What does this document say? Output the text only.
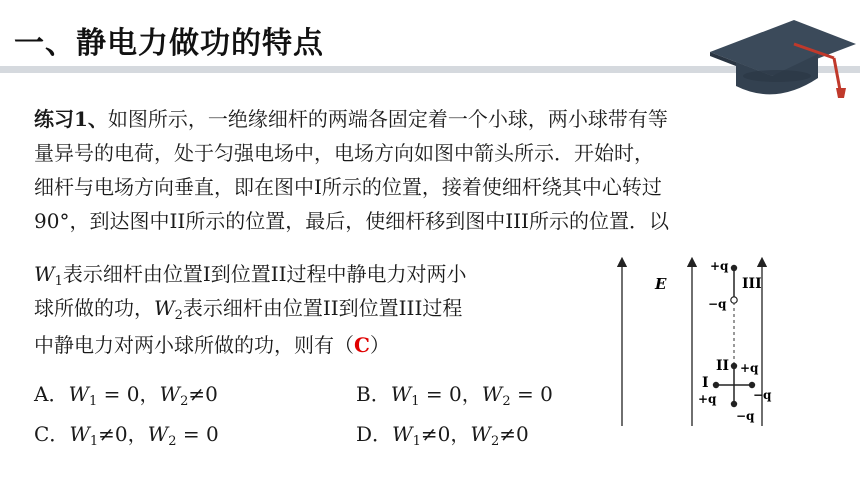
一、静电力做功的特点
练习1、如图所示，一绝缘细杆的两端各固定着一个小球，两小球带有等
量异号的电荷，处于匀强电场中，电场方向如图中箭头所示．开始时，
细杆与电场方向垂直，即在图中I所示的位置，接着使细杆绕其中心转过
90°，到达图中II所示的位置，最后，使细杆移到图中III所示的位置．以
$W_1$表示细杆由位置I到位置II过程中静电力对两小
球所做的功，$W_2$表示细杆由位置II到位置III过程
中静电力对两小球所做的功，则有（C）
A．$W_1 = 0$，$W_2\ne 0$	B．$W_1 = 0$，$W_2 = 0$
C．$W_1\ne 0$，$W_2 = 0$	D．$W_1\ne 0$，$W_2\ne 0$
E
+q
−q
III
II +q
I
+q	−q
−q
